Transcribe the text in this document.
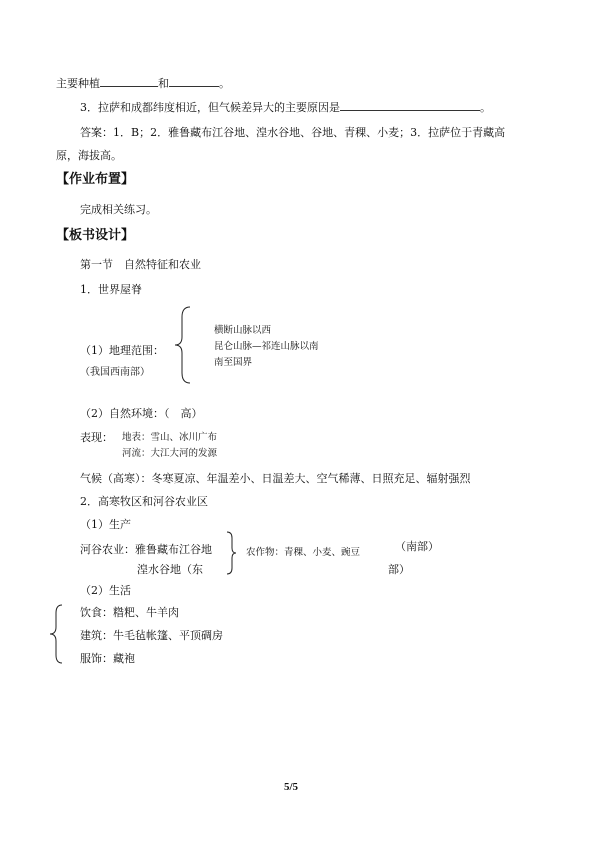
主要种植	和	。
3．拉萨和成都纬度相近，但气候差异大的主要原因是	。
答案：1．B；2．雅鲁藏布江谷地、湟水谷地、谷地、青稞、小麦；3．拉萨位于青藏高
原，海拔高。
【作业布置】
完成相关练习。
【板书设计】
第一节　自然特征和农业
1．世界屋脊
（1）地理范围：
（我国西南部）
横断山脉以西
昆仑山脉—祁连山脉以南
南至国界
（2）自然环境：（　高）
表现： 地表：雪山、冰川广布
河流：大江大河的发源
气候（高寒）：冬寒夏凉、年温差小、日温差大、空气稀薄、日照充足、辐射强烈
2．高寒牧区和河谷农业区
（1）生产
河谷农业：雅鲁藏布江谷地
湟水谷地（东
农作物：青稞、小麦、豌豆	（南部）
部）
（2）生活
饮食：糌粑、牛羊肉
建筑：牛毛毡帐篷、平顶碉房
服饰：藏袍
5/5
